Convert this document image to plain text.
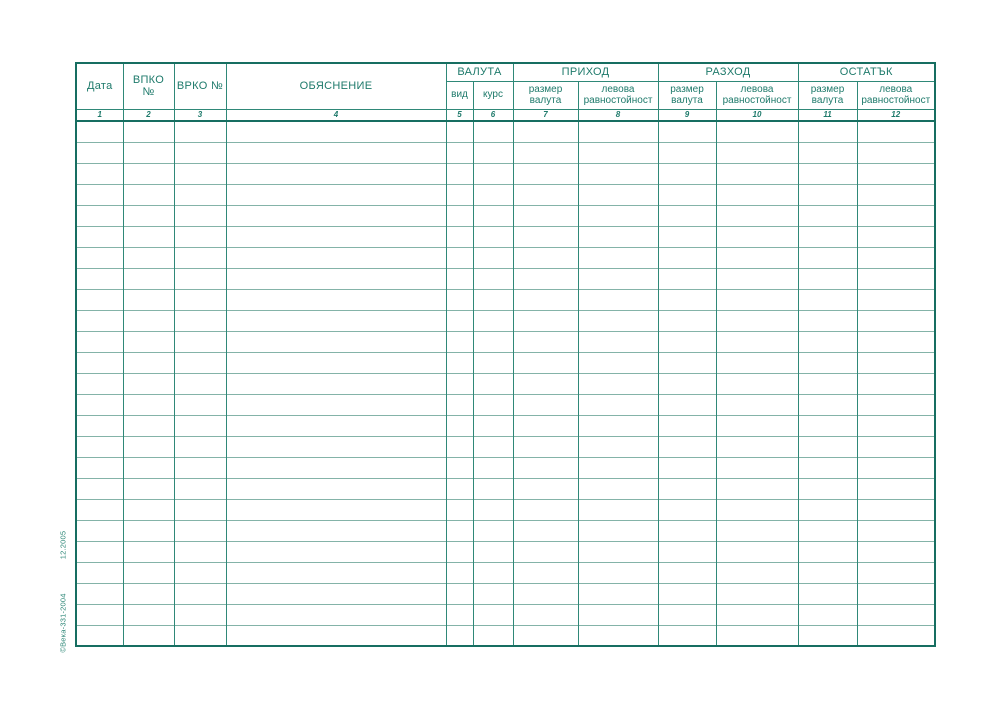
12.2005
©Века-331-2004
Дата	ВПКО №	ВРКО №	ОБЯСНЕНИЕ	ВАЛУТА		ПРИХОД		РАЗХОД		ОСТАТЪК	
				вид	курс	размер валута	левова равностойност	размер валута	левова равностойност	размер валута	левова равностойност
1	2	3	4	5	6	7	8	9	10	11	12
